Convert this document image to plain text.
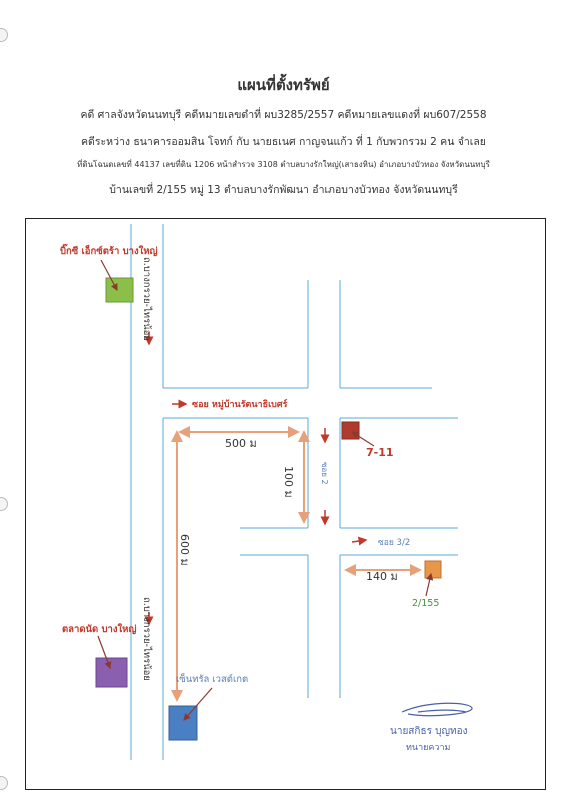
แผนที่ตั้งทรัพย์
คดี ศาลจังหวัดนนทบุรี คดีหมายเลขดำที่ ผบ3285/2557 คดีหมายเลขแดงที่ ผบ607/2558
คดีระหว่าง ธนาคารออมสิน โจทก์ กับ นายธเนศ กาญจนแก้ว ที่ 1 กับพวกรวม 2 คน จำเลย
ที่ดินโฉนดเลขที่ 44137 เลขที่ดิน 1206 หน้าสำรวจ 3108 ตำบลบางรักใหญ่(เสาธงหิน) อำเภอบางบัวทอง จังหวัดนนทบุรี
บ้านเลขที่ 2/155 หมู่ 13 ตำบลบางรักพัฒนา อำเภอบางบัวทอง จังหวัดนนทบุรี
บิ๊กซี เอ็กซ์ตร้า บางใหญ่
ตลาดนัด บางใหญ่
เซ็นทรัล เวสต์เกต
7-11
2/155
ถ.บางกรวย-ไทรน้อย
ถ.บางกรวย-ไทรน้อย
ซอย หมู่บ้านรัตนาธิเบศร์
ซอย 2
ซอย 3/2
500 ม
100 ม
600 ม
140 ม
นายสกิธร บุญทอง
ทนายความ
